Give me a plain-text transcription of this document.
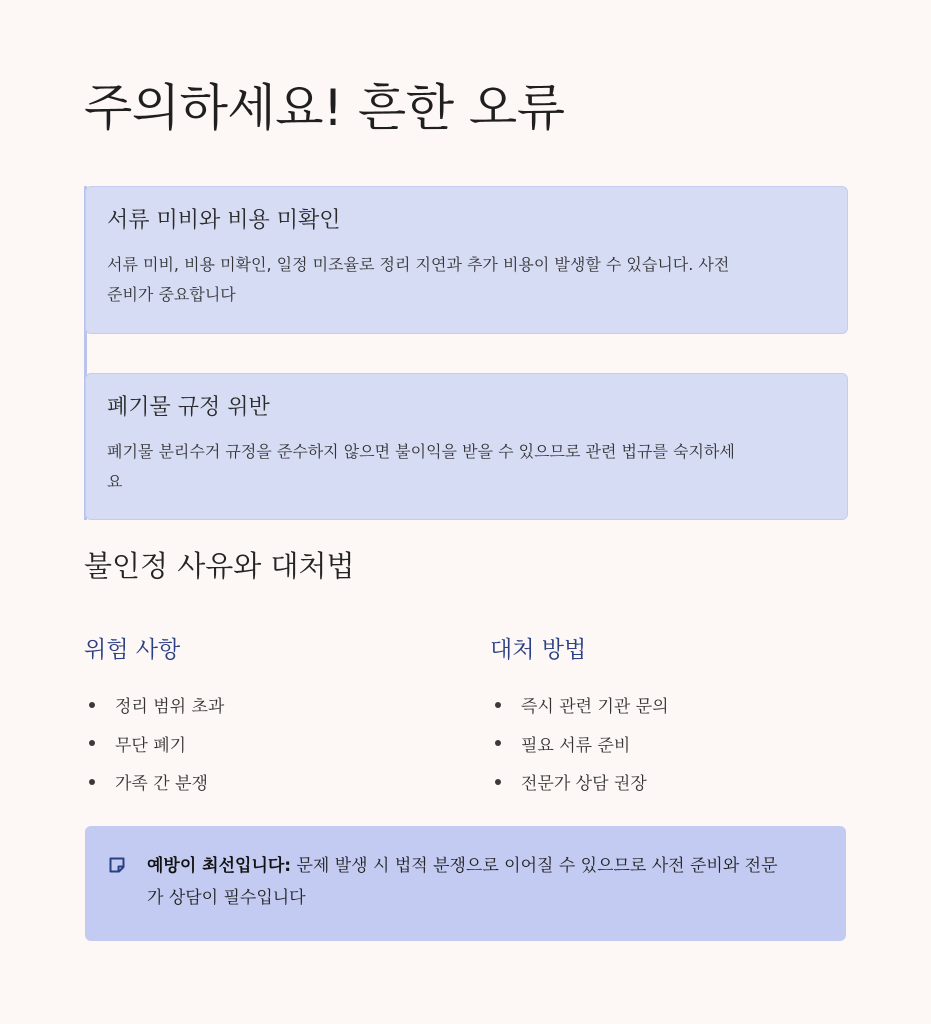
주의하세요! 흔한 오류
서류 미비와 비용 미확인

서류 미비, 비용 미확인, 일정 미조율로 정리 지연과 추가 비용이 발생할 수 있습니다. 사전
준비가 중요합니다

폐기물 규정 위반

폐기물 분리수거 규정을 준수하지 않으면 불이익을 받을 수 있으므로 관련 법규를 숙지하세
요

불인정 사유와 대처법
위험 사항
정리 범위 초과
무단 폐기
가족 간 분쟁
대처 방법
즉시 관련 기관 문의
필요 서류 준비
전문가 상담 권장

예방이 최선입니다: 문제 발생 시 법적 분쟁으로 이어질 수 있으므로 사전 준비와 전문
가 상담이 필수입니다
